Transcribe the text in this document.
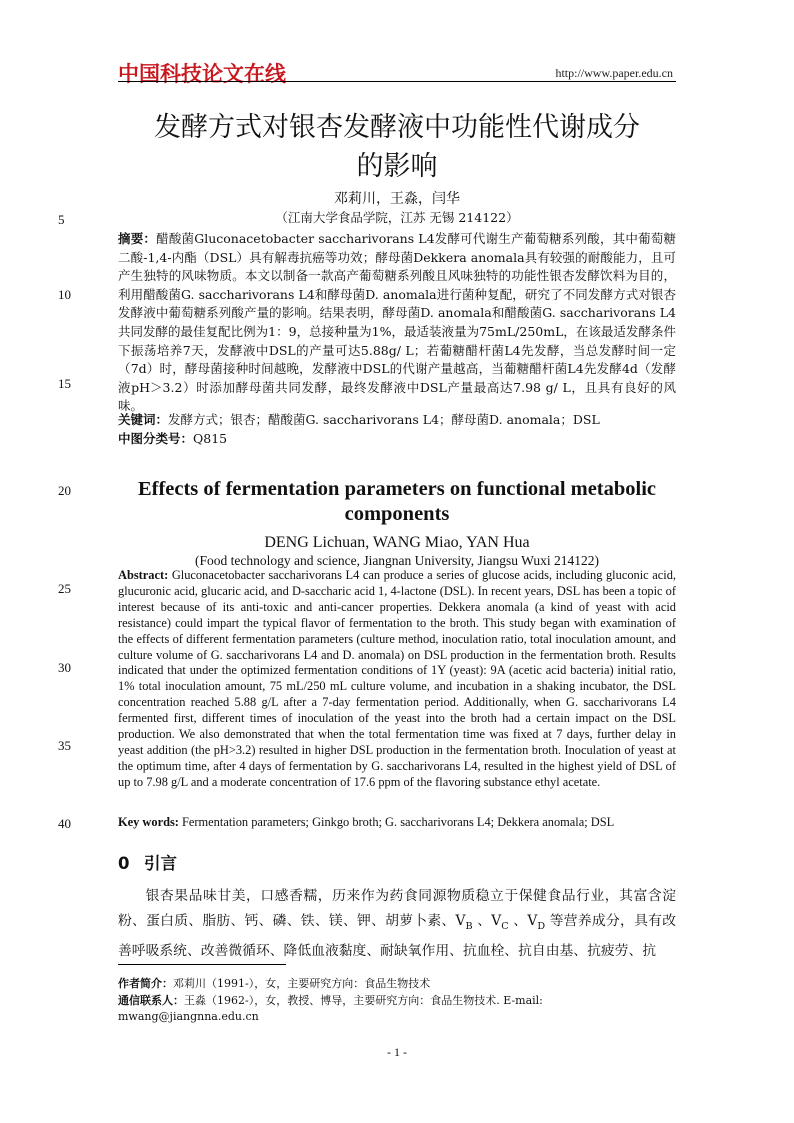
中国科技论文在线	http://www.paper.edu.cn
发酵方式对银杏发酵液中功能性代谢成分
的影响
邓莉川，王淼，闫华
（江南大学食品学院，江苏 无锡 214122）
5
10
15
20
25
30
35
40
摘要：醋酸菌Gluconacetobacter saccharivorans L4发酵可代谢生产葡萄糖系列酸，其中葡萄糖二酸-1,4-内酯（DSL）具有解毒抗癌等功效；酵母菌Dekkera anomala具有较强的耐酸能力，且可产生独特的风味物质。本文以制备一款高产葡萄糖系列酸且风味独特的功能性银杏发酵饮料为目的，利用醋酸菌G. saccharivorans L4和酵母菌D. anomala进行菌种复配，研究了不同发酵方式对银杏发酵液中葡萄糖系列酸产量的影响。结果表明，酵母菌D. anomala和醋酸菌G. saccharivorans L4共同发酵的最佳复配比例为1：9，总接种量为1%，最适装液量为75mL/250mL，在该最适发酵条件下振荡培养7天，发酵液中DSL的产量可达5.88g/ L；若葡糖醋杆菌L4先发酵，当总发酵时间一定（7d）时，酵母菌接种时间越晚，发酵液中DSL的代谢产量越高，当葡糖醋杆菌L4先发酵4d（发酵液pH＞3.2）时添加酵母菌共同发酵，最终发酵液中DSL产量最高达7.98 g/ L，且具有良好的风味。
关键词：发酵方式；银杏；醋酸菌G. saccharivorans L4；酵母菌D. anomala；DSL
中图分类号：Q815
Effects of fermentation parameters on functional metabolic
components
DENG Lichuan, WANG Miao, YAN Hua
(Food technology and science, Jiangnan University, Jiangsu Wuxi 214122)
Abstract: Gluconacetobacter saccharivorans L4 can produce a series of glucose acids, including gluconic acid, glucuronic acid, glucaric acid, and D-saccharic acid 1, 4-lactone (DSL). In recent years, DSL has been a topic of interest because of its anti-toxic and anti-cancer properties. Dekkera anomala (a kind of yeast with acid resistance) could impart the typical flavor of fermentation to the broth. This study began with examination of the effects of different fermentation parameters (culture method, inoculation ratio, total inoculation amount, and culture volume of G. saccharivorans L4 and D. anomala) on DSL production in the fermentation broth. Results indicated that under the optimized fermentation conditions of 1Y (yeast): 9A (acetic acid bacteria) initial ratio, 1% total inoculation amount, 75 mL/250 mL culture volume, and incubation in a shaking incubator, the DSL concentration reached 5.88 g/L after a 7-day fermentation period. Additionally, when G. saccharivorans L4 fermented first, different times of inoculation of the yeast into the broth had a certain impact on the DSL production. We also demonstrated that when the total fermentation time was fixed at 7 days, further delay in yeast addition (the pH>3.2) resulted in higher DSL production in the fermentation broth. Inoculation of yeast at the optimum time, after 4 days of fermentation by G. saccharivorans L4, resulted in the highest yield of DSL of up to 7.98 g/L and a moderate concentration of 17.6 ppm of the flavoring substance ethyl acetate.
Key words: Fermentation parameters; Ginkgo broth; G. saccharivorans L4; Dekkera anomala; DSL
0 引言
银杏果品味甘美，口感香糯，历来作为药食同源物质稳立于保健食品行业，其富含淀粉、蛋白质、脂肪、钙、磷、铁、镁、钾、胡萝卜素、$V_B$ 、$V_C$ 、$V_D$ 等营养成分，具有改善呼吸系统、改善微循环、降低血液黏度、耐缺氧作用、抗血栓、抗自由基、抗疲劳、抗
作者简介：邓莉川（1991-），女，主要研究方向：食品生物技术
通信联系人：王淼（1962-），女，教授、博导，主要研究方向：食品生物技术. E-mail: mwang@jiangnna.edu.cn
- 1 -
